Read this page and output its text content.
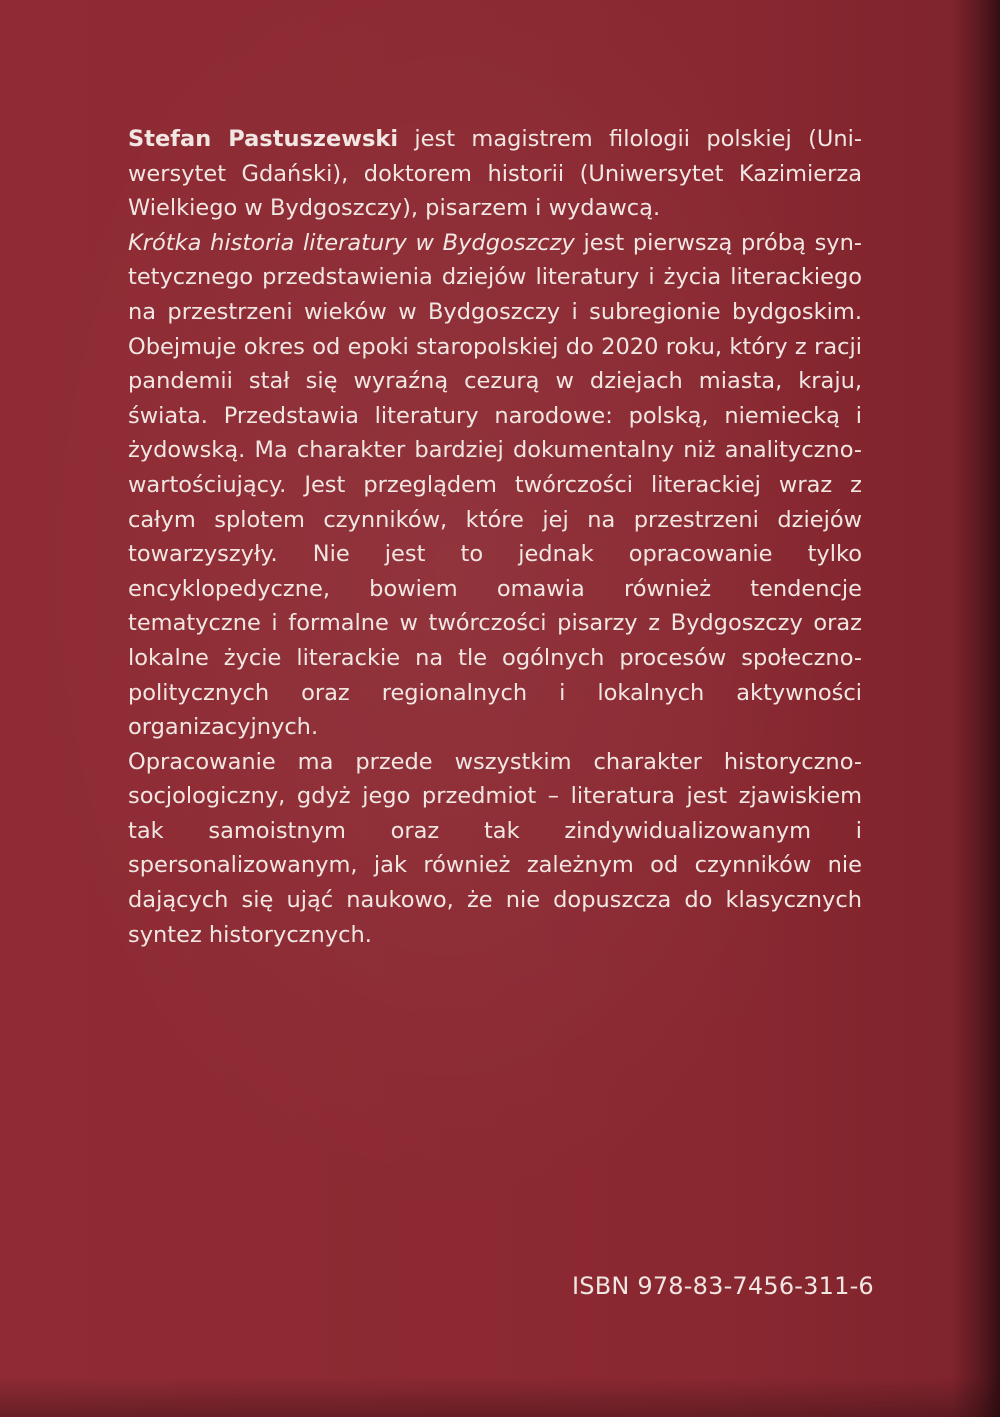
Stefan Pastuszewski jest magistrem filologii polskiej (Uniwersytet Gdański), doktorem historii (Uniwersytet Kazimierza Wielkiego w Bydgoszczy), pisarzem i wydawcą.

Krótka historia literatury w Bydgoszczy jest pierwszą próbą syntetycznego przedstawienia dziejów literatury i życia literackiego na przestrzeni wieków w Bydgoszczy i subregionie bydgoskim. Obejmuje okres od epoki staropolskiej do 2020 roku, który z racji pandemii stał się wyraźną cezurą w dziejach miasta, kraju, świata. Przedstawia literatury narodowe: polską, niemiecką i żydowską. Ma charakter bardziej dokumentalny niż analityczno-wartościujący. Jest przeglądem twórczości literackiej wraz z całym splotem czynników, które jej na przestrzeni dziejów towarzyszyły. Nie jest to jednak opracowanie tylko encyklopedyczne, bowiem omawia również tendencje tematyczne i formalne w twórczości pisarzy z Bydgoszczy oraz lokalne życie literackie na tle ogólnych procesów społeczno-politycznych oraz regionalnych i lokalnych aktywności organizacyjnych.

Opracowanie ma przede wszystkim charakter historyczno-socjologiczny, gdyż jego przedmiot – literatura jest zjawiskiem tak samoistnym oraz tak zindywidualizowanym i spersonalizowanym, jak również zależnym od czynników nie dających się ująć naukowo, że nie dopuszcza do klasycznych syntez historycznych.

ISBN 978-83-7456-311-6
